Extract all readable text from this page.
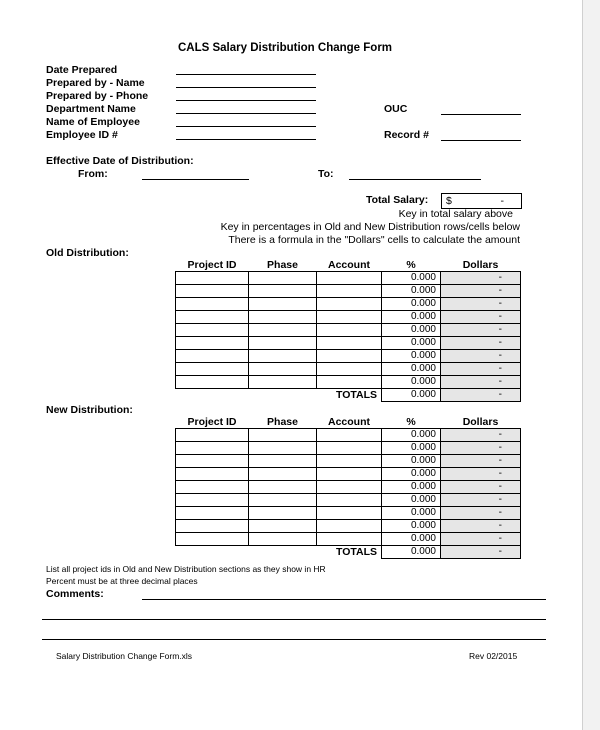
CALS Salary Distribution Change Form
Date Prepared
Prepared by - Name
Prepared by - Phone
Department Name
Name of Employee
Employee ID #
OUC
Record #
Effective Date of Distribution:
From:	To:
Total Salary: $	-
Key in total salary above
Key in percentages in Old and New Distribution rows/cells below
There is a formula in the "Dollars" cells to calculate the amount
Old Distribution:
Project ID	Phase	Account	%	Dollars
			0.000	-
			0.000	-
			0.000	-
			0.000	-
			0.000	-
			0.000	-
			0.000	-
			0.000	-
			0.000	-
		TOTALS	0.000	-
New Distribution:
Project ID	Phase	Account	%	Dollars
			0.000	-
			0.000	-
			0.000	-
			0.000	-
			0.000	-
			0.000	-
			0.000	-
			0.000	-
			0.000	-
		TOTALS	0.000	-
List all project ids in Old and New Distribution sections as they show in HR
Percent must be at three decimal places
Comments:
Salary Distribution Change Form.xls	Rev 02/2015
